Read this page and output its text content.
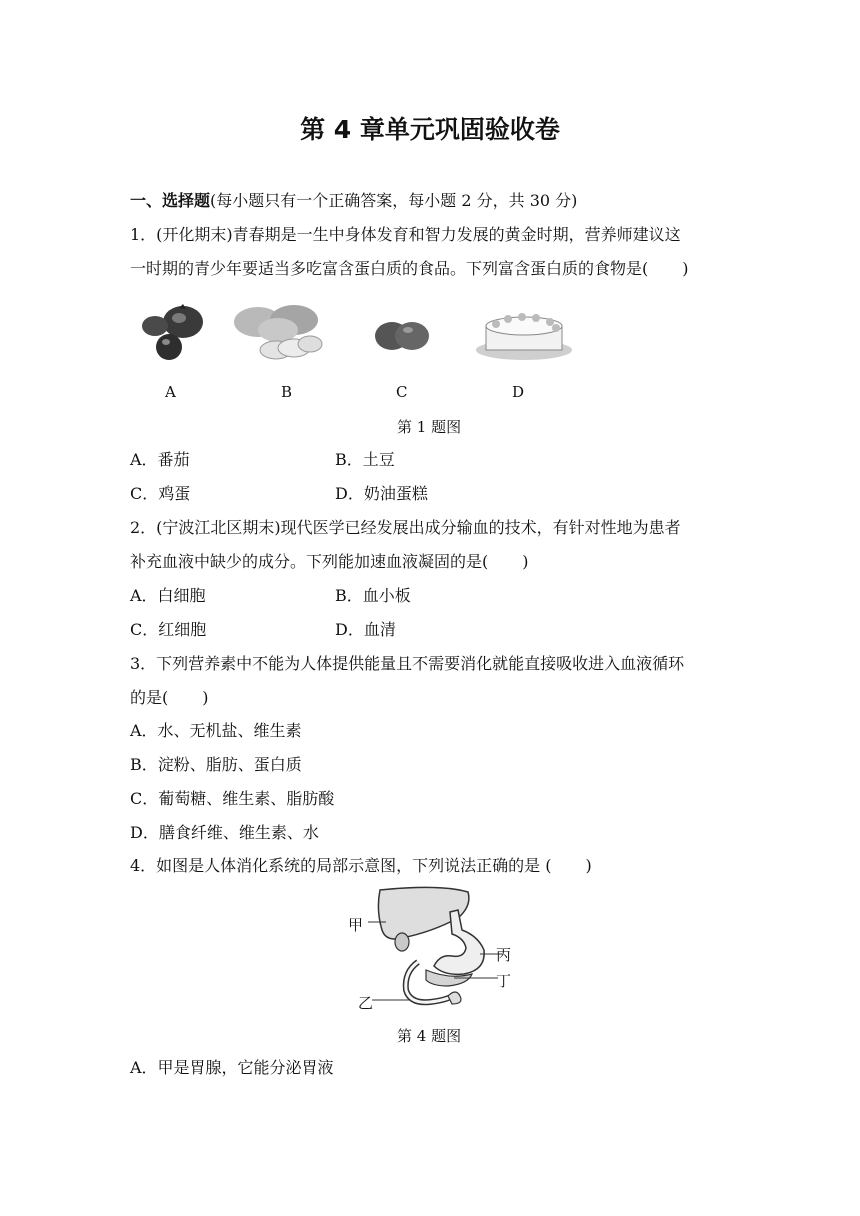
第 4 章单元巩固验收卷
一、选择题(每小题只有一个正确答案，每小题 2 分，共 30 分)
1．(开化期末)青春期是一生中身体发育和智力发展的黄金时期，营养师建议这
一时期的青少年要适当多吃富含蛋白质的食品。下列富含蛋白质的食物是( )
A	B	C	D
第 1 题图
A．番茄	B．土豆
C．鸡蛋	D．奶油蛋糕
2．(宁波江北区期末)现代医学已经发展出成分输血的技术，有针对性地为患者
补充血液中缺少的成分。下列能加速血液凝固的是( )
A．白细胞	B．血小板
C．红细胞	D．血清
3．下列营养素中不能为人体提供能量且不需要消化就能直接吸收进入血液循环
的是( )
A．水、无机盐、维生素
B．淀粉、脂肪、蛋白质
C．葡萄糖、维生素、脂肪酸
D．膳食纤维、维生素、水
4．如图是人体消化系统的局部示意图，下列说法正确的是 ( )
甲
丙
丁
乙
第 4 题图
A．甲是胃腺，它能分泌胃液
